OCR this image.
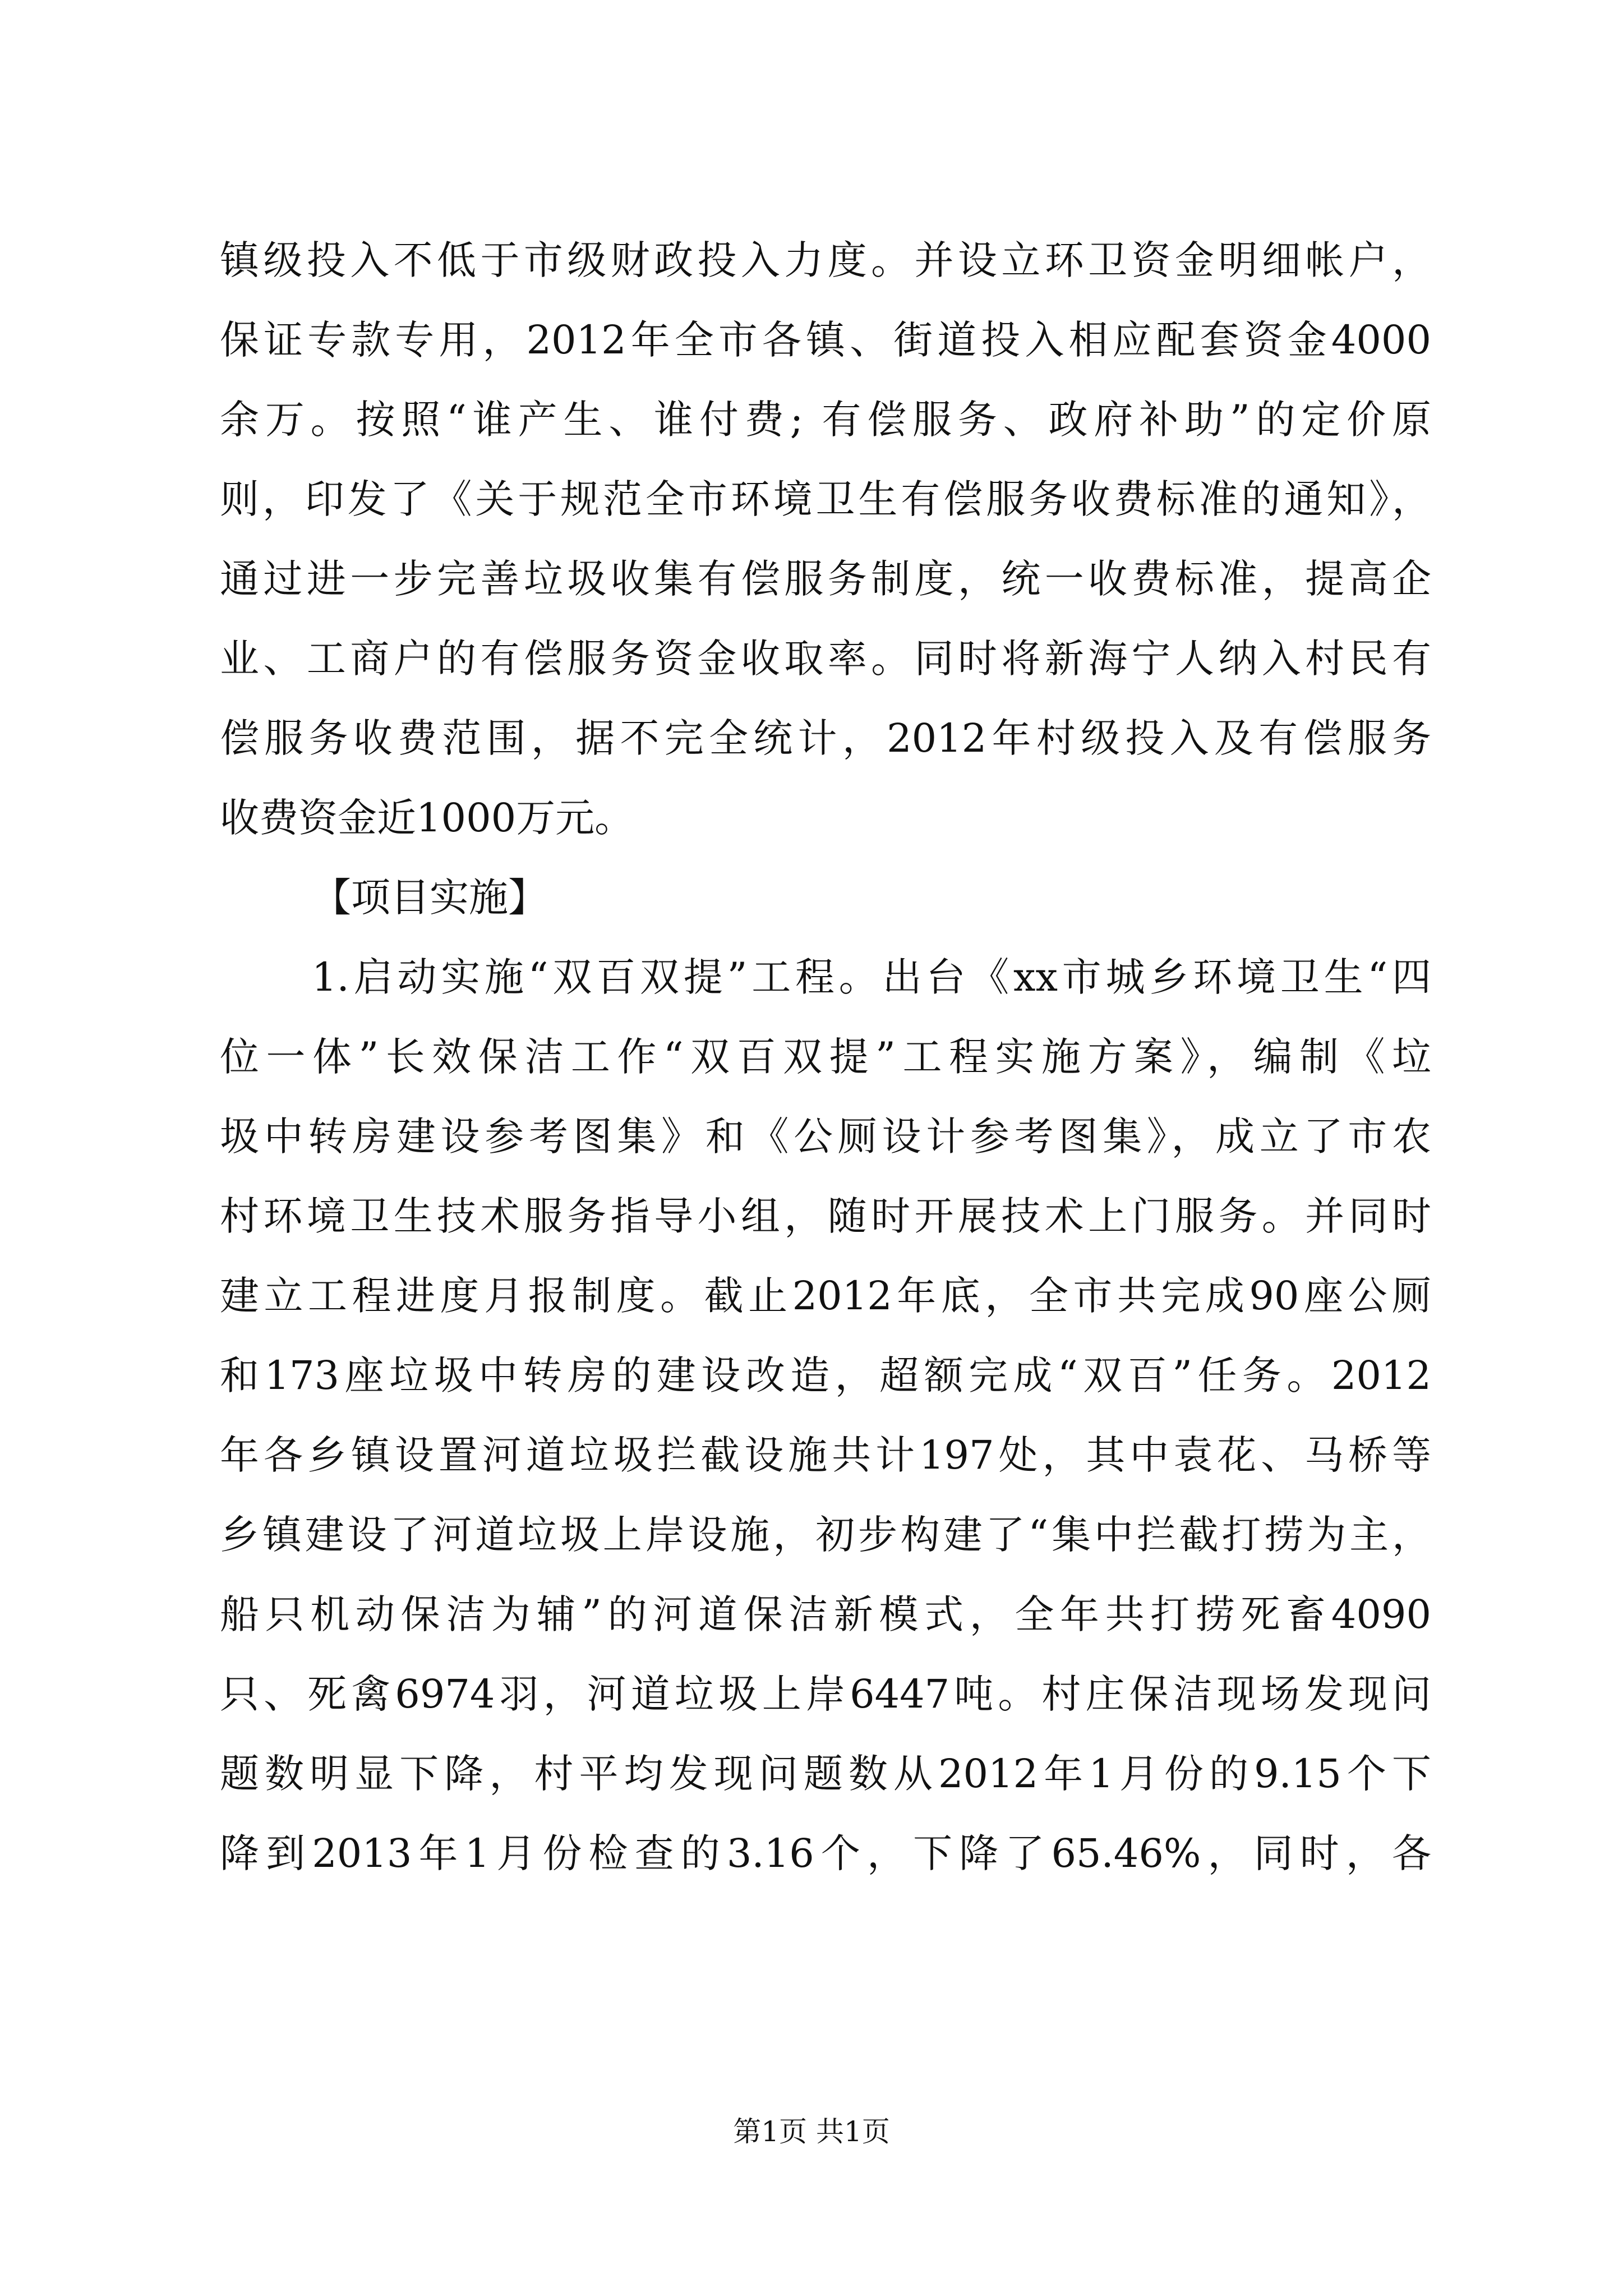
镇级投入不低于市级财政投入力度。并设立环卫资金明细帐户，
保证专款专用，2012年全市各镇、街道投入相应配套资金4000
余万。按照“谁产生、谁付费; 有偿服务、政府补助”的定价原
则，印发了《关于规范全市环境卫生有偿服务收费标准的通知》，
通过进一步完善垃圾收集有偿服务制度，统一收费标准，提高企
业、工商户的有偿服务资金收取率。同时将新海宁人纳入村民有
偿服务收费范围，据不完全统计，2012年村级投入及有偿服务
收费资金近1000万元。
【项目实施】
1.启动实施“双百双提”工程。出台《xx市城乡环境卫生“四
位一体”长效保洁工作“双百双提”工程实施方案》，编制《垃
圾中转房建设参考图集》和《公厕设计参考图集》，成立了市农
村环境卫生技术服务指导小组，随时开展技术上门服务。并同时
建立工程进度月报制度。截止2012年底，全市共完成90座公厕
和173座垃圾中转房的建设改造，超额完成“双百”任务。2012
年各乡镇设置河道垃圾拦截设施共计197处，其中袁花、马桥等
乡镇建设了河道垃圾上岸设施，初步构建了“集中拦截打捞为主，
船只机动保洁为辅”的河道保洁新模式，全年共打捞死畜4090
只、死禽6974羽，河道垃圾上岸6447吨。村庄保洁现场发现问
题数明显下降，村平均发现问题数从2012年1月份的9.15个下
降到2013年1月份检查的3.16个，下降了65.46%，同时，各
第1页 共1页
